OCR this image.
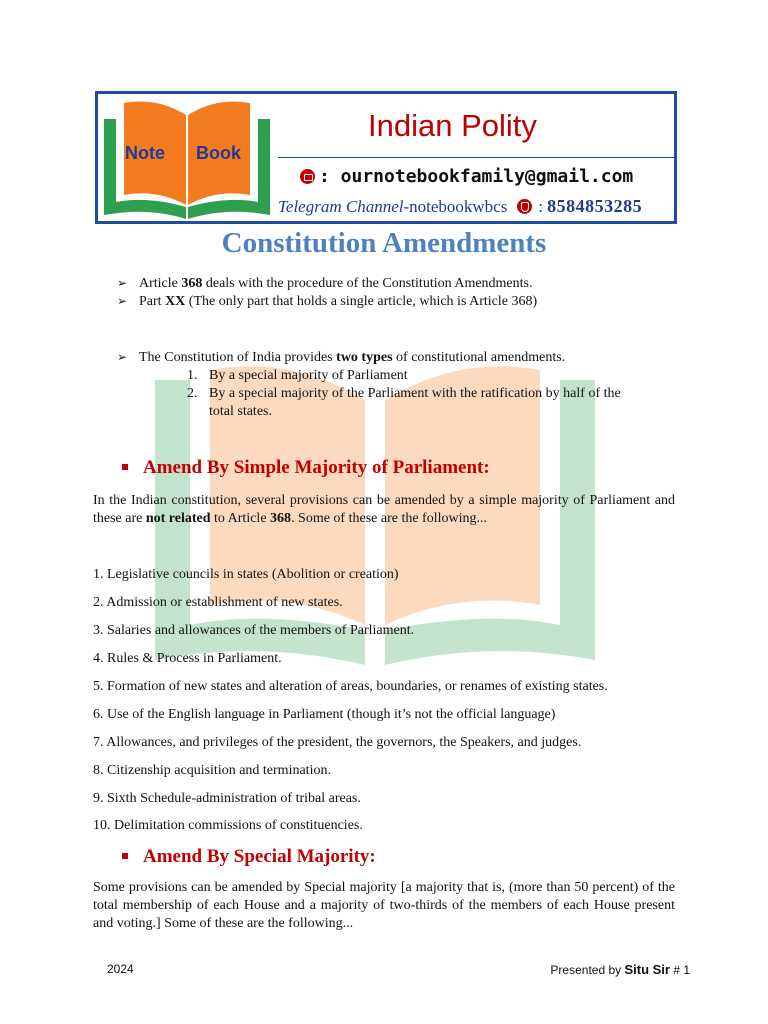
Note Book
Indian Polity
: ournotebookfamily@gmail.com
Telegram Channel- notebookwbcs : 8584853285
Constitution Amendments
➢ Article 368 deals with the procedure of the Constitution Amendments.
➢ Part XX (The only part that holds a single article, which is Article 368)
➢ The Constitution of India provides two types of constitutional amendments.
1. By a special majority of Parliament
2. By a special majority of the Parliament with the ratification by half of the
total states.
Amend By Simple Majority of Parliament:
In the Indian constitution, several provisions can be amended by a simple majority of Parliament and these are not related to Article 368. Some of these are the following...
1. Legislative councils in states (Abolition or creation)
2. Admission or establishment of new states.
3. Salaries and allowances of the members of Parliament.
4. Rules & Process in Parliament.
5. Formation of new states and alteration of areas, boundaries, or renames of existing states.
6. Use of the English language in Parliament (though it’s not the official language)
7. Allowances, and privileges of the president, the governors, the Speakers, and judges.
8. Citizenship acquisition and termination.
9. Sixth Schedule-administration of tribal areas.
10. Delimitation commissions of constituencies.
Amend By Special Majority:
Some provisions can be amended by Special majority [a majority that is, (more than 50 percent) of the total membership of each House and a majority of two-thirds of the members of each House present and voting.] Some of these are the following...
2024	Presented by Situ Sir # 1
